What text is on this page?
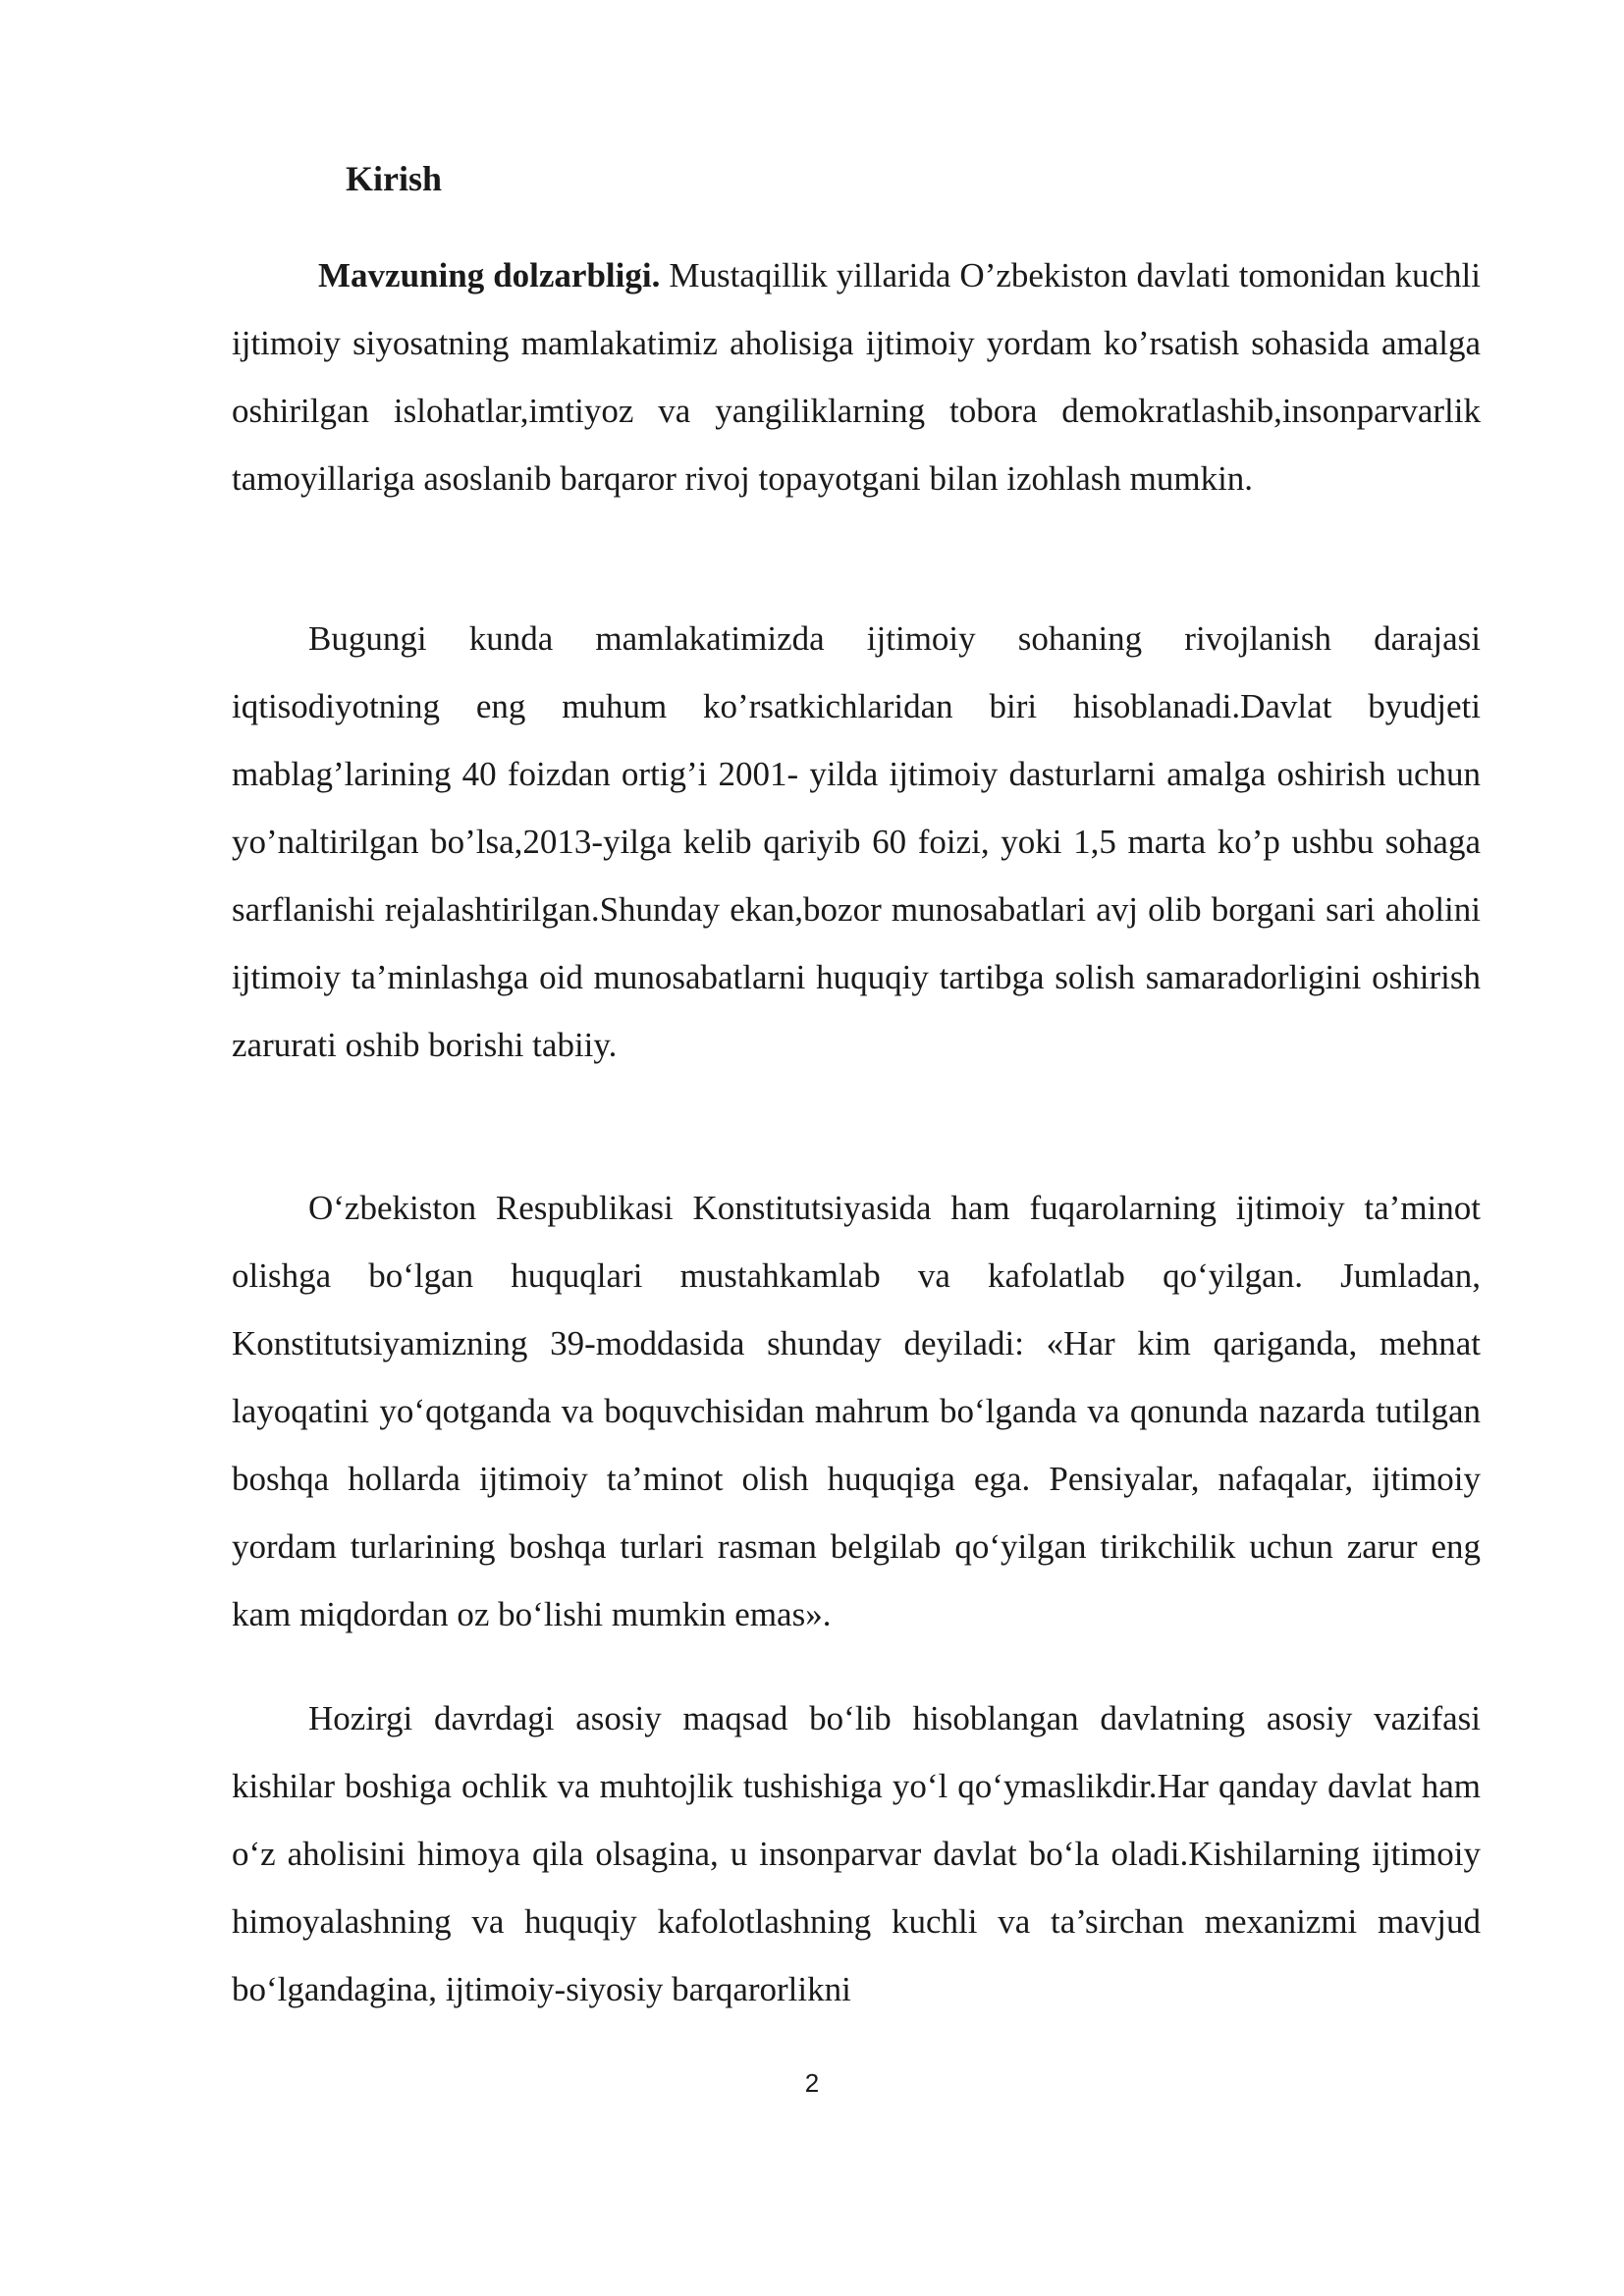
Kirish

Mavzuning dolzarbligi. Mustaqillik yillarida O’zbekiston davlati tomonidan kuchli ijtimoiy siyosatning mamlakatimiz aholisiga ijtimoiy yordam ko’rsatish sohasida amalga oshirilgan islohatlar,imtiyoz va yangiliklarning tobora demokratlashib,insonparvarlik tamoyillariga asoslanib barqaror rivoj topayotgani bilan izohlash mumkin.

Bugungi kunda mamlakatimizda ijtimoiy sohaning rivojlanish darajasi iqtisodiyotning eng muhum ko’rsatkichlaridan biri hisoblanadi.Davlat byudjeti mablag’larining 40 foizdan ortig’i 2001- yilda ijtimoiy dasturlarni amalga oshirish uchun yo’naltirilgan bo’lsa,2013-yilga kelib qariyib 60 foizi, yoki 1,5 marta ko’p ushbu sohaga sarflanishi rejalashtirilgan.Shunday ekan,bozor munosabatlari avj olib borgani sari aholini ijtimoiy ta’minlashga oid munosabatlarni huquqiy tartibga solish samaradorligini oshirish zarurati oshib borishi tabiiy.

O‘zbekiston Respublikasi Konstitutsiyasida ham fuqarolarning ijtimoiy ta’minot olishga bo‘lgan huquqlari mustahkamlab va kafolatlab qo‘yilgan. Jumladan, Konstitutsiyamizning 39-moddasida shunday deyiladi: «Har kim qariganda, mehnat layoqatini yo‘qotganda va boquvchisidan mahrum bo‘lganda va qonunda nazarda tutilgan boshqa hollarda ijtimoiy ta’minot olish huquqiga ega. Pensiyalar, nafaqalar, ijtimoiy yordam turlarining boshqa turlari rasman belgilab qo‘yilgan tirikchilik uchun zarur eng kam miqdordan oz bo‘lishi mumkin emas».

Hozirgi davrdagi asosiy maqsad bo‘lib hisoblangan davlatning asosiy vazifasi kishilar boshiga ochlik va muhtojlik tushishiga yo‘l qo‘ymaslikdir.Har qanday davlat ham o‘z aholisini himoya qila olsagina, u insonparvar davlat bo‘la oladi.Kishilarning ijtimoiy himoyalashning va huquqiy kafolotlashning kuchli va ta’sirchan mexanizmi mavjud bo‘lgandagina, ijtimoiy-siyosiy barqarorlikni

2
